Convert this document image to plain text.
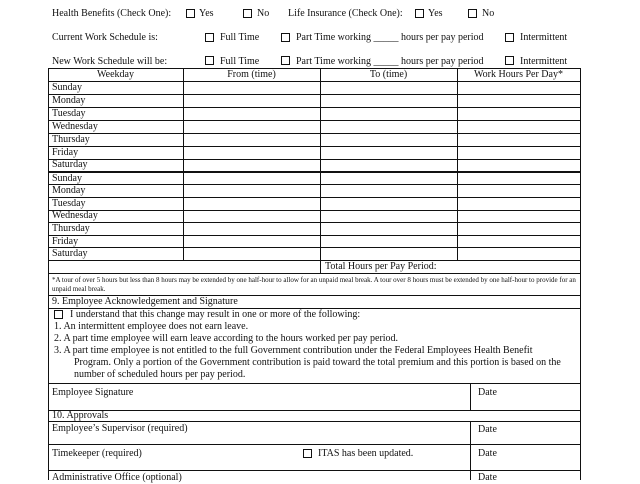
Health Benefits (Check One):	Yes	No Life Insurance (Check One):	Yes	No
Current Work Schedule is:	Full Time	Part Time working _____ hours per pay period	Intermittent
New Work Schedule will be:	Full Time	Part Time working _____ hours per pay period	Intermittent
Weekday	From (time)	To (time)	Work Hours Per Day*
Sunday
Monday
Tuesday
Wednesday
Thursday
Friday
Saturday
Sunday
Monday
Tuesday
Wednesday
Thursday
Friday
Saturday
Total Hours per Pay Period:
*A tour of over 5 hours but less than 8 hours may be extended by one half-hour to allow for an unpaid meal break. A tour over 8 hours must be extended by one half-hour to provide for an unpaid meal break.
9. Employee Acknowledgement and Signature
I understand that this change may result in one or more of the following:
1. An intermittent employee does not earn leave.
2. A part time employee will earn leave according to the hours worked per pay period.
3. A part time employee is not entitled to the full Government contribution under the Federal Employees Health Benefit
Program. Only a portion of the Government contribution is paid toward the total premium and this portion is based on the
number of scheduled hours per pay period.
Employee Signature	Date
10. Approvals
Employee’s Supervisor (required)	Date
Timekeeper (required)	ITAS has been updated.	Date
Administrative Office (optional)	Date
